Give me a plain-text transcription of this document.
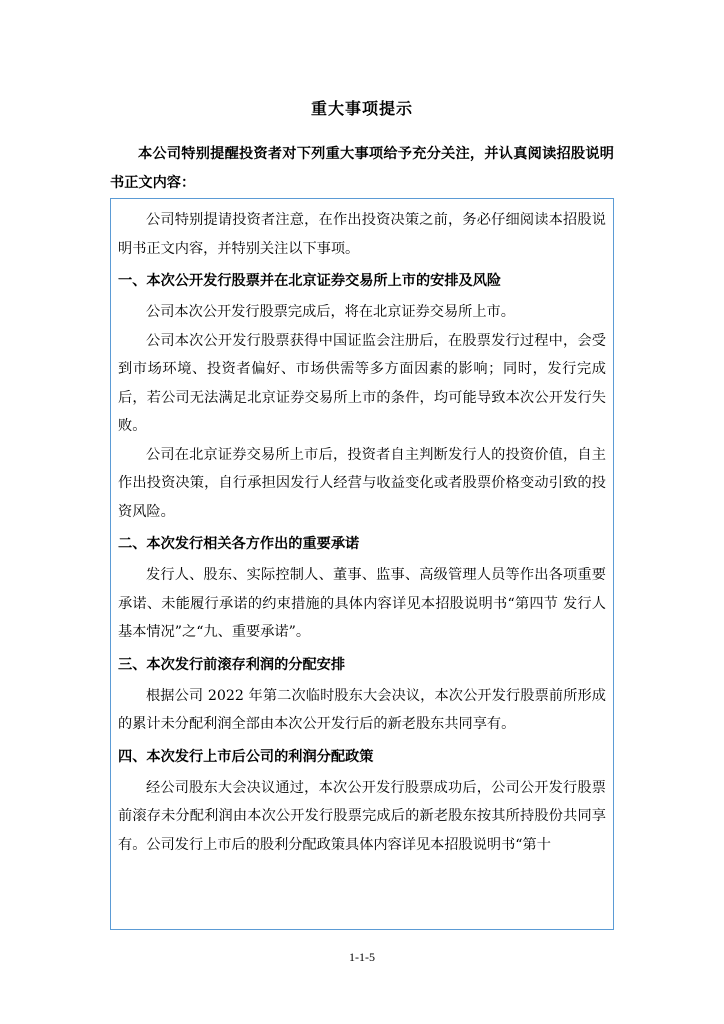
重大事项提示
本公司特别提醒投资者对下列重大事项给予充分关注，并认真阅读招股说明书正文内容：

公司特别提请投资者注意，在作出投资决策之前，务必仔细阅读本招股说明书正文内容，并特别关注以下事项。

一、本次公开发行股票并在北京证券交易所上市的安排及风险

公司本次公开发行股票完成后，将在北京证券交易所上市。

公司本次公开发行股票获得中国证监会注册后，在股票发行过程中，会受到市场环境、投资者偏好、市场供需等多方面因素的影响；同时，发行完成后，若公司无法满足北京证券交易所上市的条件，均可能导致本次公开发行失败。

公司在北京证券交易所上市后，投资者自主判断发行人的投资价值，自主作出投资决策，自行承担因发行人经营与收益变化或者股票价格变动引致的投资风险。

二、本次发行相关各方作出的重要承诺

发行人、股东、实际控制人、董事、监事、高级管理人员等作出各项重要承诺、未能履行承诺的约束措施的具体内容详见本招股说明书“第四节 发行人基本情况”之“九、重要承诺”。

三、本次发行前滚存利润的分配安排

根据公司 2022 年第二次临时股东大会决议，本次公开发行股票前所形成的累计未分配利润全部由本次公开发行后的新老股东共同享有。

四、本次发行上市后公司的利润分配政策

经公司股东大会决议通过，本次公开发行股票成功后，公司公开发行股票前滚存未分配利润由本次公开发行股票完成后的新老股东按其所持股份共同享有。公司发行上市后的股利分配政策具体内容详见本招股说明书“第十

1-1-5
